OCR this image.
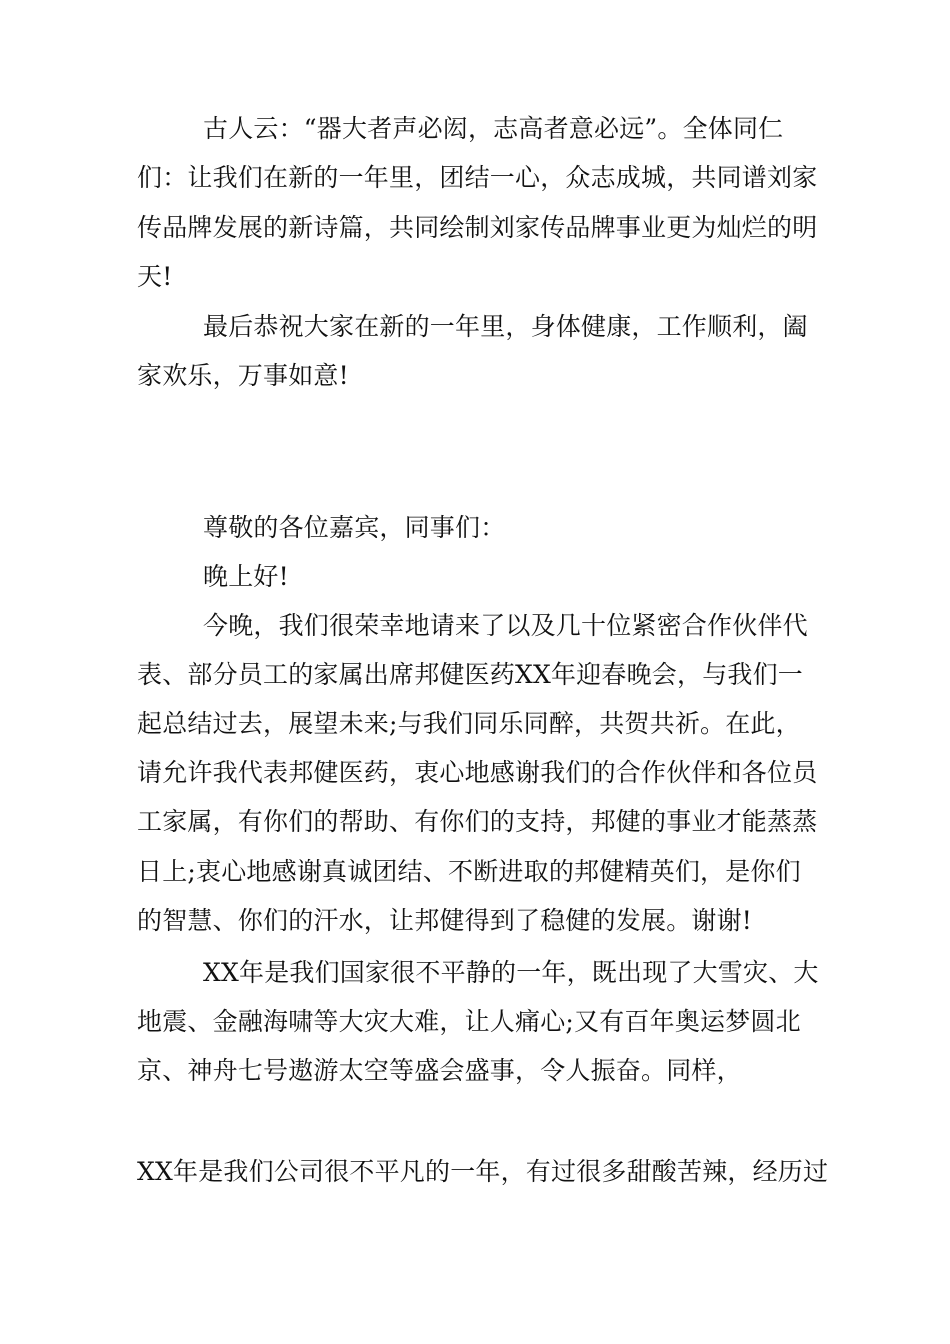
古人云：“器大者声必闳，志高者意必远”。全体同仁
们：让我们在新的一年里，团结一心，众志成城，共同谱刘家
传品牌发展的新诗篇，共同绘制刘家传品牌事业更为灿烂的明
天!
最后恭祝大家在新的一年里，身体健康，工作顺利，阖
家欢乐，万事如意!
尊敬的各位嘉宾，同事们：
晚上好!
今晚，我们很荣幸地请来了以及几十位紧密合作伙伴代
表、部分员工的家属出席邦健医药XX年迎春晚会，与我们一
起总结过去，展望未来;与我们同乐同醉，共贺共祈。在此，
请允许我代表邦健医药，衷心地感谢我们的合作伙伴和各位员
工家属，有你们的帮助、有你们的支持，邦健的事业才能蒸蒸
日上;衷心地感谢真诚团结、不断进取的邦健精英们，是你们
的智慧、你们的汗水，让邦健得到了稳健的发展。谢谢!
XX年是我们国家很不平静的一年，既出现了大雪灾、大
地震、金融海啸等大灾大难，让人痛心;又有百年奥运梦圆北
京、神舟七号遨游太空等盛会盛事，令人振奋。同样，
XX年是我们公司很不平凡的一年，有过很多甜酸苦辣，经历过
